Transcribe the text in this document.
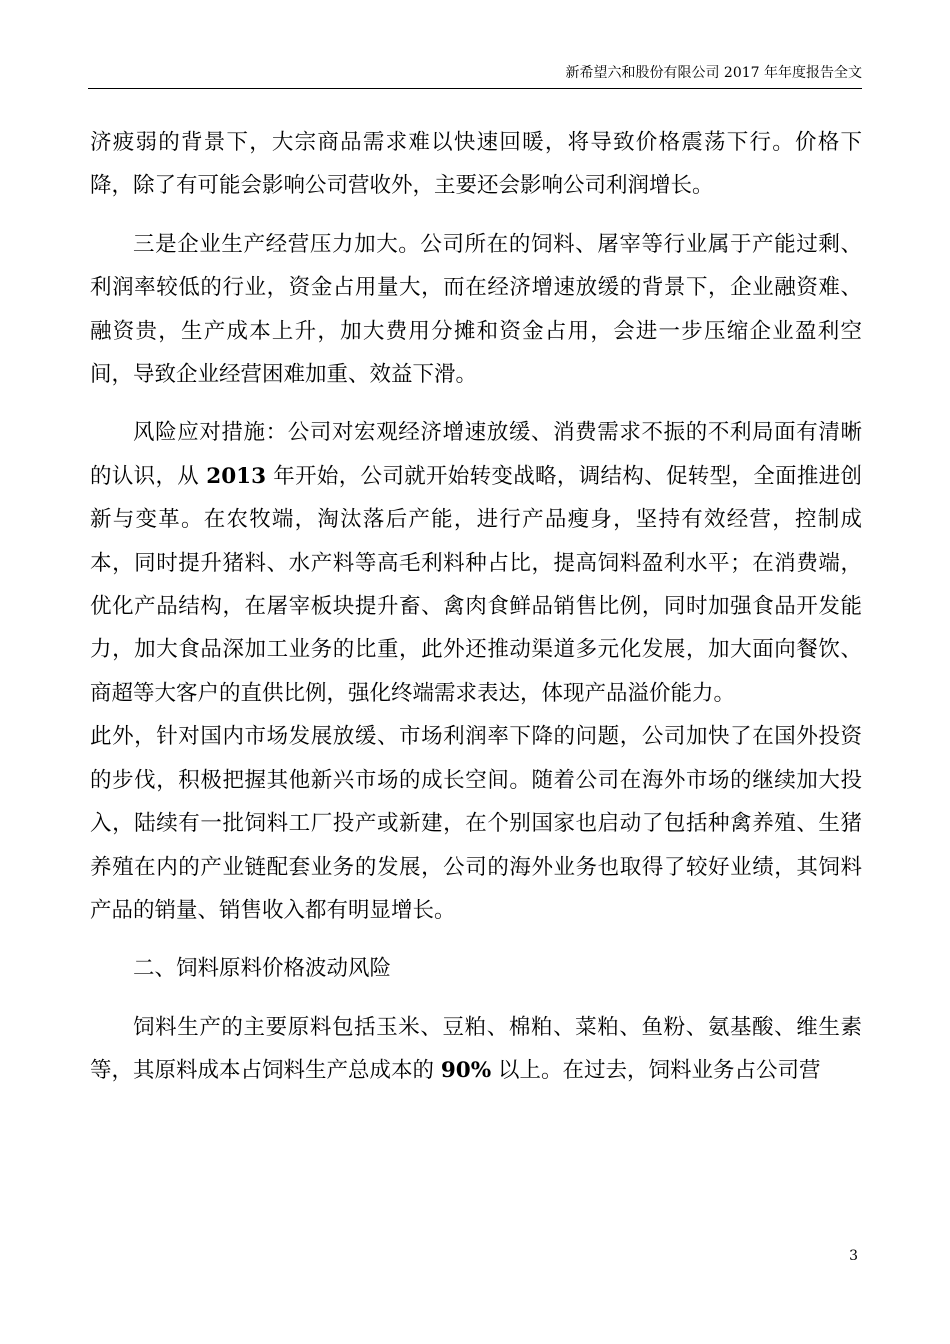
新希望六和股份有限公司 2017 年年度报告全文

济疲弱的背景下，大宗商品需求难以快速回暖，将导致价格震荡下行。价格下降，除了有可能会影响公司营收外，主要还会影响公司利润增长。

三是企业生产经营压力加大。公司所在的饲料、屠宰等行业属于产能过剩、利润率较低的行业，资金占用量大，而在经济增速放缓的背景下，企业融资难、融资贵，生产成本上升，加大费用分摊和资金占用，会进一步压缩企业盈利空间，导致企业经营困难加重、效益下滑。

风险应对措施：公司对宏观经济增速放缓、消费需求不振的不利局面有清晰的认识，从 2013 年开始，公司就开始转变战略，调结构、促转型，全面推进创新与变革。在农牧端，淘汰落后产能，进行产品瘦身，坚持有效经营，控制成本，同时提升猪料、水产料等高毛利料种占比，提高饲料盈利水平；在消费端，优化产品结构，在屠宰板块提升畜、禽肉食鲜品销售比例，同时加强食品开发能力，加大食品深加工业务的比重，此外还推动渠道多元化发展，加大面向餐饮、商超等大客户的直供比例，强化终端需求表达，体现产品溢价能力。

此外，针对国内市场发展放缓、市场利润率下降的问题，公司加快了在国外投资的步伐，积极把握其他新兴市场的成长空间。随着公司在海外市场的继续加大投入，陆续有一批饲料工厂投产或新建，在个别国家也启动了包括种禽养殖、生猪养殖在内的产业链配套业务的发展，公司的海外业务也取得了较好业绩，其饲料产品的销量、销售收入都有明显增长。

二、饲料原料价格波动风险

饲料生产的主要原料包括玉米、豆粕、棉粕、菜粕、鱼粉、氨基酸、维生素等，其原料成本占饲料生产总成本的 90% 以上。在过去，饲料业务占公司营

3
